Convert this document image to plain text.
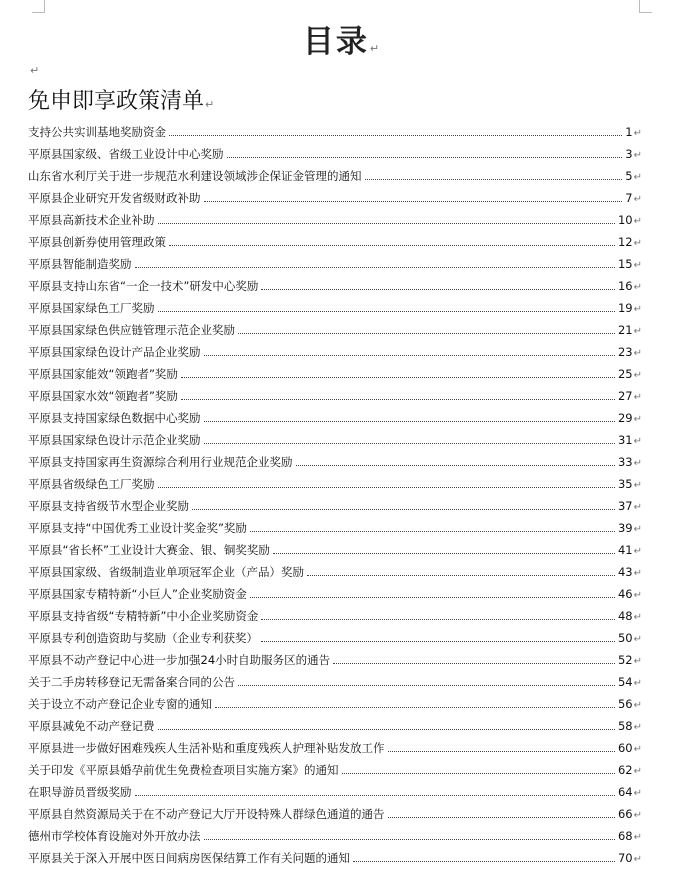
目录↵
↵
免申即享政策清单↵
支持公共实训基地奖励资金	1 ↵
平原县国家级、省级工业设计中心奖励	3 ↵
山东省水利厅关于进一步规范水利建设领域涉企保证金管理的通知	5 ↵
平原县企业研究开发省级财政补助	7 ↵
平原县高新技术企业补助	10 ↵
平原县创新券使用管理政策	12 ↵
平原县智能制造奖励	15 ↵
平原县支持山东省“一企一技术”研发中心奖励	16 ↵
平原县国家绿色工厂奖励	19 ↵
平原县国家绿色供应链管理示范企业奖励	21 ↵
平原县国家绿色设计产品企业奖励	23 ↵
平原县国家能效“领跑者”奖励	25 ↵
平原县国家水效“领跑者”奖励	27 ↵
平原县支持国家绿色数据中心奖励	29 ↵
平原县国家绿色设计示范企业奖励	31 ↵
平原县支持国家再生资源综合利用行业规范企业奖励	33 ↵
平原县省级绿色工厂奖励	35 ↵
平原县支持省级节水型企业奖励	37 ↵
平原县支持“中国优秀工业设计奖金奖”奖励	39 ↵
平原县“省长杯”工业设计大赛金、银、铜奖奖励	41 ↵
平原县国家级、省级制造业单项冠军企业（产品）奖励	43 ↵
平原县国家专精特新“小巨人”企业奖励资金	46 ↵
平原县支持省级“专精特新”中小企业奖励资金	48 ↵
平原县专利创造资助与奖励（企业专利获奖）	50 ↵
平原县不动产登记中心进一步加强24小时自助服务区的通告	52 ↵
关于二手房转移登记无需备案合同的公告	54 ↵
关于设立不动产登记企业专窗的通知	56 ↵
平原县减免不动产登记费	58 ↵
平原县进一步做好困难残疾人生活补贴和重度残疾人护理补贴发放工作	60 ↵
关于印发《平原县婚孕前优生免费检查项目实施方案》的通知	62 ↵
在职导游员晋级奖励	64 ↵
平原县自然资源局关于在不动产登记大厅开设特殊人群绿色通道的通告	66 ↵
德州市学校体育设施对外开放办法	68 ↵
平原县关于深入开展中医日间病房医保结算工作有关问题的通知	70 ↵
